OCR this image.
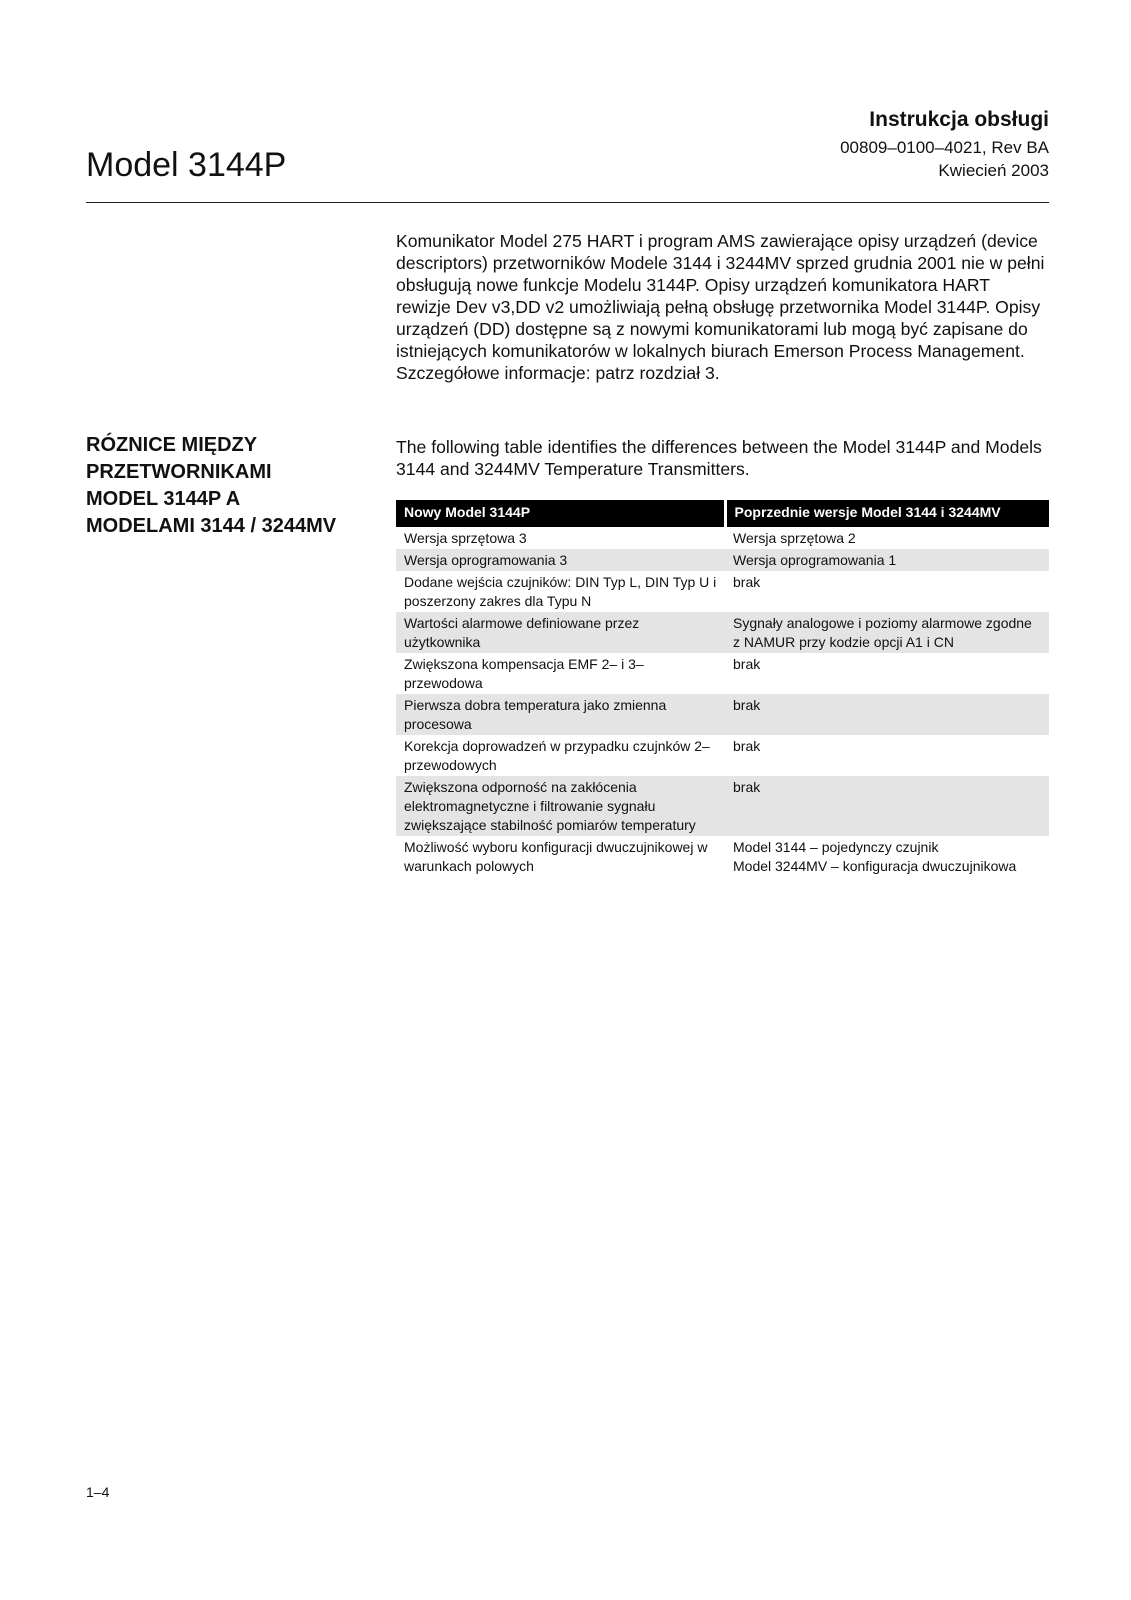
Model 3144P
Instrukcja obsługi
00809–0100–4021, Rev BA
Kwiecień 2003

Komunikator Model 275 HART i program AMS zawierające opisy urządzeń (device descriptors) przetworników Modele 3144 i 3244MV sprzed grudnia 2001 nie w pełni obsługują nowe funkcje Modelu 3144P. Opisy urządzeń komunikatora HART rewizje Dev v3,DD v2 umożliwiają pełną obsługę przetwornika Model 3144P. Opisy urządzeń (DD) dostępne są z nowymi komunikatorami lub mogą być zapisane do istniejących komunikatorów w lokalnych biurach Emerson Process Management. Szczegółowe informacje: patrz rozdział 3.

RÓZNICE MIĘDZY PRZETWORNIKAMI MODEL 3144P A MODELAMI 3144 / 3244MV

The following table identifies the differences between the Model 3144P and Models 3144 and 3244MV Temperature Transmitters.

Nowy Model 3144P	Poprzednie wersje Model 3144 i 3244MV
Wersja sprzętowa 3	Wersja sprzętowa 2
Wersja oprogramowania 3	Wersja oprogramowania 1
Dodane wejścia czujników: DIN Typ L, DIN Typ U i poszerzony zakres dla Typu N	brak
Wartości alarmowe definiowane przez użytkownika	Sygnały analogowe i poziomy alarmowe zgodne z NAMUR przy kodzie opcji A1 i CN
Zwiększona kompensacja EMF 2– i 3–przewodowa	brak
Pierwsza dobra temperatura jako zmienna procesowa	brak
Korekcja doprowadzeń w przypadku czujnków 2–przewodowych	brak
Zwiększona odporność na zakłócenia elektromagnetyczne i filtrowanie sygnału zwiększające stabilność pomiarów temperatury	brak
Możliwość wyboru konfiguracji dwuczujnikowej w warunkach polowych	Model 3144 – pojedynczy czujnik
Model 3244MV – konfiguracja dwuczujnikowa
1–4
